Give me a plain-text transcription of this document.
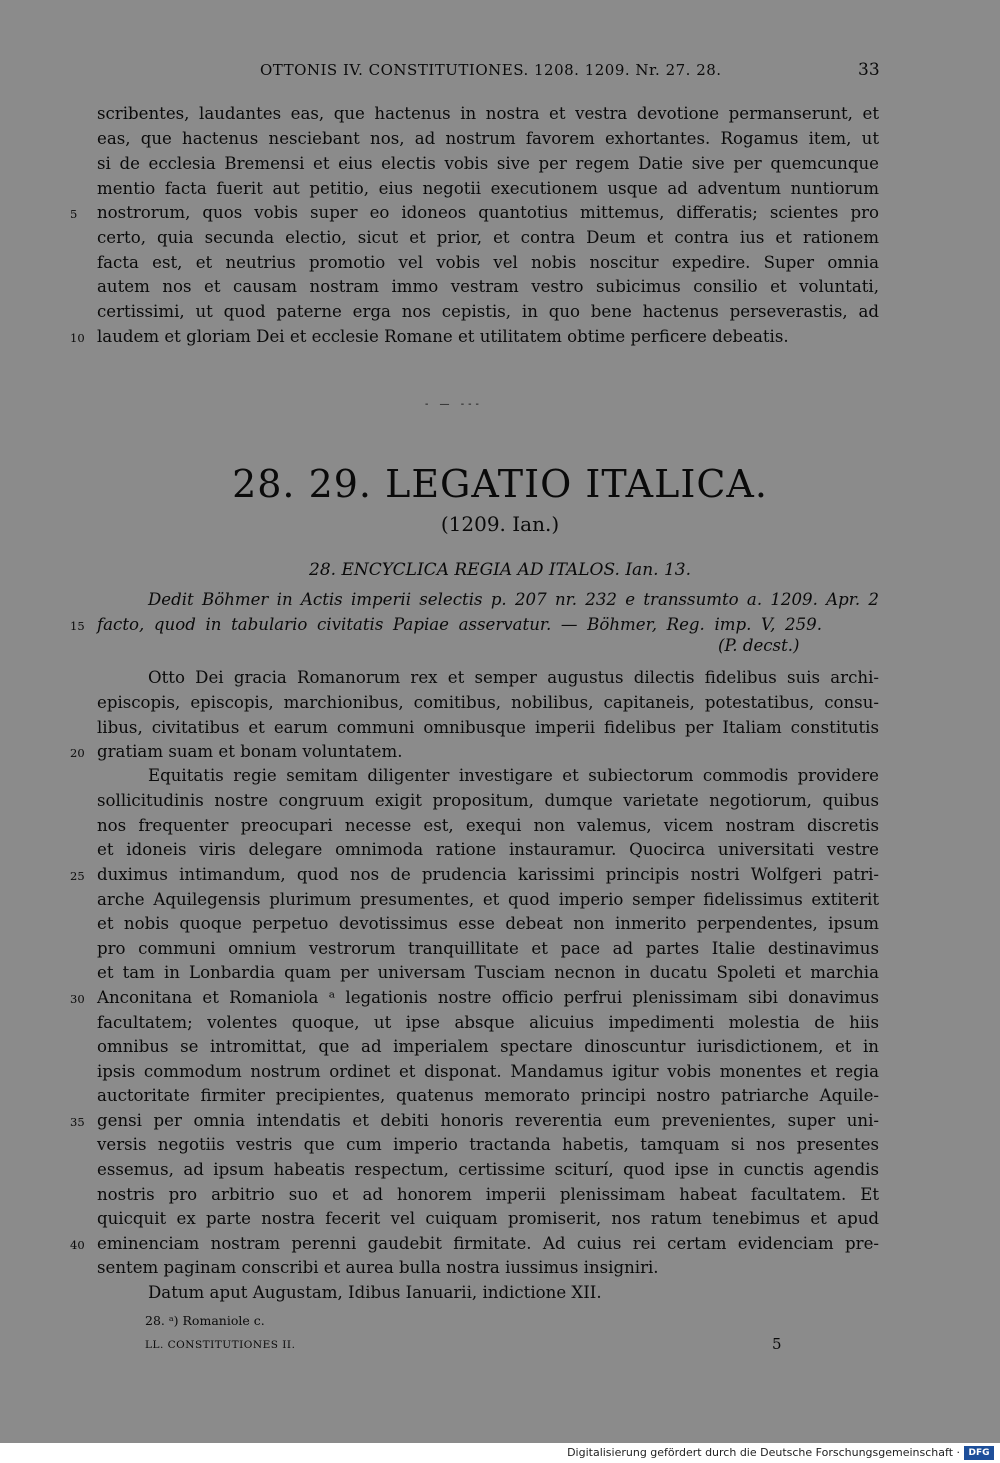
OTTONIS IV. CONSTITUTIONES. 1208. 1209. Nr. 27. 28.	33
scribentes, laudantes eas, que hactenus in nostra et vestra devotione permanserunt, et
eas, que hactenus nesciebant nos, ad nostrum favorem exhortantes. Rogamus item, ut
si de ecclesia Bremensi et eius electis vobis sive per regem Datie sive per quemcunque
mentio facta fuerit aut petitio, eius negotii executionem usque ad adventum nuntiorum
5	nostrorum, quos vobis super eo idoneos quantotius mittemus, differatis; scientes pro
certo, quia secunda electio, sicut et prior, et contra Deum et contra ius et rationem
facta est, et neutrius promotio vel vobis vel nobis noscitur expedire. Super omnia
autem nos et causam nostram immo vestram vestro subicimus consilio et voluntati,
certissimi, ut quod paterne erga nos cepistis, in quo bene hactenus perseverastis, ad
10 laudem et gloriam Dei et ecclesie Romane et utilitatem obtime perficere debeatis.
- — ---
28. 29. LEGATIO ITALICA.
(1209. Ian.)
28. ENCYCLICA REGIA AD ITALOS. Ian. 13.
Dedit Böhmer in Actis imperii selectis p. 207 nr. 232 e transsumto a. 1209. Apr. 2
15 facto, quod in tabulario civitatis Papiae asservatur. — Böhmer, Reg. imp. V, 259.
(P. decst.)
Otto Dei gracia Romanorum rex et semper augustus dilectis fidelibus suis archi-
episcopis, episcopis, marchionibus, comitibus, nobilibus, capitaneis, potestatibus, consu-
libus, civitatibus et earum communi omnibusque imperii fidelibus per Italiam constitutis
20 gratiam suam et bonam voluntatem.
Equitatis regie semitam diligenter investigare et subiectorum commodis providere
sollicitudinis nostre congruum exigit propositum, dumque varietate negotiorum, quibus
nos frequenter preocupari necesse est, exequi non valemus, vicem nostram discretis
et idoneis viris delegare omnimoda ratione instauramur. Quocirca universitati vestre
25 duximus intimandum, quod nos de prudencia karissimi principis nostri Wolfgeri patri-
arche Aquilegensis plurimum presumentes, et quod imperio semper fidelissimus extiterit
et nobis quoque perpetuo devotissimus esse debeat non inmerito perpendentes, ipsum
pro communi omnium vestrorum tranquillitate et pace ad partes Italie destinavimus
et tam in Lonbardia quam per universam Tusciam necnon in ducatu Spoleti et marchia
30 Anconitana et Romaniola ᵃ legationis nostre officio perfrui plenissimam sibi donavimus
facultatem; volentes quoque, ut ipse absque alicuius impedimenti molestia de hiis
omnibus se intromittat, que ad imperialem spectare dinoscuntur iurisdictionem, et in
ipsis commodum nostrum ordinet et disponat. Mandamus igitur vobis monentes et regia
auctoritate firmiter precipientes, quatenus memorato principi nostro patriarche Aquile-
35 gensi per omnia intendatis et debiti honoris reverentia eum prevenientes, super uni-
versis negotiis vestris que cum imperio tractanda habetis, tamquam si nos presentes
essemus, ad ipsum habeatis respectum, certissime sciturí, quod ipse in cunctis agendis
nostris pro arbitrio suo et ad honorem imperii plenissimam habeat facultatem. Et
quicquit ex parte nostra fecerit vel cuiquam promiserit, nos ratum tenebimus et apud
40 eminenciam nostram perenni gaudebit firmitate. Ad cuius rei certam evidenciam pre-
sentem paginam conscribi et aurea bulla nostra iussimus insigniri.
Datum aput Augustam, Idibus Ianuarii, indictione XII.
28. ᵃ) Romaniole c.
LL. CONSTITUTIONES II.	5
Digitalisierung gefördert durch die Deutsche Forschungsgemeinschaft · DFG
